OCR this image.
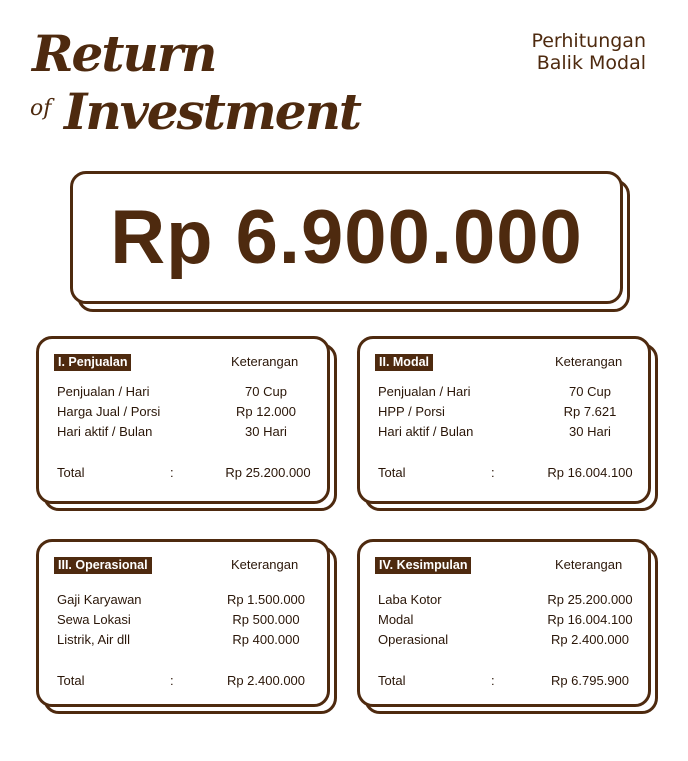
Return
of Investment
Perhitungan
Balik Modal
Rp 6.900.000
I. Penjualan	Keterangan
Penjualan / Hari	70 Cup
Harga Jual / Porsi	Rp 12.000
Hari aktif / Bulan	30 Hari
Total	:	Rp 25.200.000
II. Modal	Keterangan
Penjualan / Hari	70 Cup
HPP / Porsi	Rp 7.621
Hari aktif / Bulan	30 Hari
Total	:	Rp 16.004.100
III. Operasional	Keterangan
Gaji Karyawan	Rp 1.500.000
Sewa Lokasi	Rp 500.000
Listrik, Air dll	Rp 400.000
Total	:	Rp 2.400.000
IV. Kesimpulan	Keterangan
Laba Kotor	Rp 25.200.000
Modal	Rp 16.004.100
Operasional	Rp 2.400.000
Total	:	Rp 6.795.900
